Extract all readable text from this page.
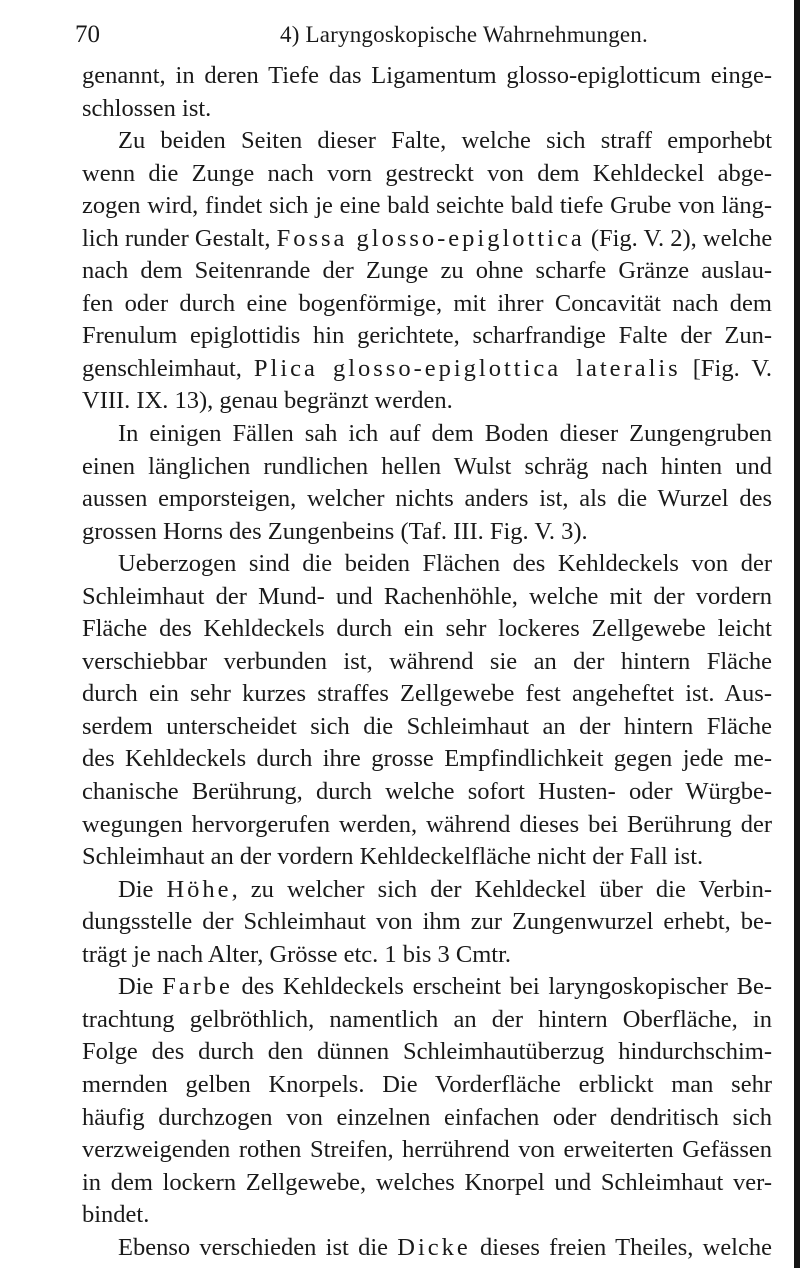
70	4) Laryngoskopische Wahrnehmungen.
genannt, in deren Tiefe das Ligamentum glosso-epiglotticum einge-
schlossen ist.
Zu beiden Seiten dieser Falte, welche sich straff emporhebt
wenn die Zunge nach vorn gestreckt von dem Kehldeckel abge-
zogen wird, findet sich je eine bald seichte bald tiefe Grube von läng-
lich runder Gestalt, Fossa glosso-epiglottica (Fig. V. 2), welche
nach dem Seitenrande der Zunge zu ohne scharfe Gränze auslau-
fen oder durch eine bogenförmige, mit ihrer Concavität nach dem
Frenulum epiglottidis hin gerichtete, scharfrandige Falte der Zun-
genschleimhaut, Plica glosso-epiglottica lateralis [Fig. V.
VIII. IX. 13), genau begränzt werden.
In einigen Fällen sah ich auf dem Boden dieser Zungengruben
einen länglichen rundlichen hellen Wulst schräg nach hinten und
aussen emporsteigen, welcher nichts anders ist, als die Wurzel des
grossen Horns des Zungenbeins (Taf. III. Fig. V. 3).
Ueberzogen sind die beiden Flächen des Kehldeckels von der
Schleimhaut der Mund- und Rachenhöhle, welche mit der vordern
Fläche des Kehldeckels durch ein sehr lockeres Zellgewebe leicht
verschiebbar verbunden ist, während sie an der hintern Fläche
durch ein sehr kurzes straffes Zellgewebe fest angeheftet ist. Aus-
serdem unterscheidet sich die Schleimhaut an der hintern Fläche
des Kehldeckels durch ihre grosse Empfindlichkeit gegen jede me-
chanische Berührung, durch welche sofort Husten- oder Würgbe-
wegungen hervorgerufen werden, während dieses bei Berührung der
Schleimhaut an der vordern Kehldeckelfläche nicht der Fall ist.
Die Höhe, zu welcher sich der Kehldeckel über die Verbin-
dungsstelle der Schleimhaut von ihm zur Zungenwurzel erhebt, be-
trägt je nach Alter, Grösse etc. 1 bis 3 Cmtr.
Die Farbe des Kehldeckels erscheint bei laryngoskopischer Be-
trachtung gelbröthlich, namentlich an der hintern Oberfläche, in
Folge des durch den dünnen Schleimhautüberzug hindurchschim-
mernden gelben Knorpels. Die Vorderfläche erblickt man sehr
häufig durchzogen von einzelnen einfachen oder dendritisch sich
verzweigenden rothen Streifen, herrührend von erweiterten Gefässen
in dem lockern Zellgewebe, welches Knorpel und Schleimhaut ver-
bindet.
Ebenso verschieden ist die Dicke dieses freien Theiles, welche
